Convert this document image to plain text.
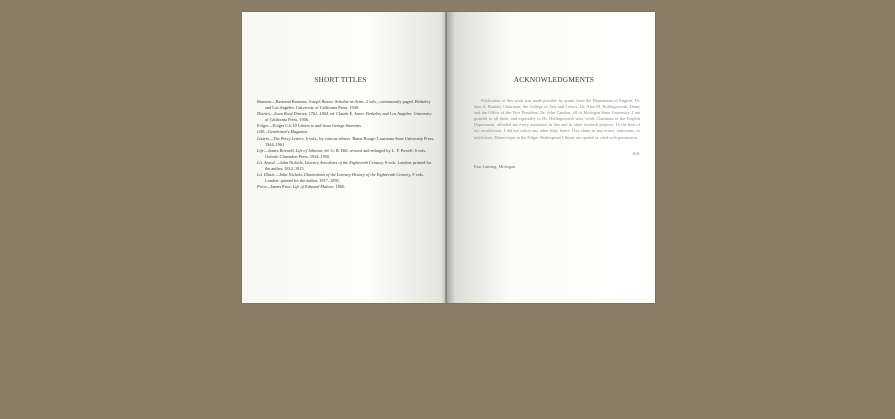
SHORT TITLES
Bronson—Bertrand Bronson, Joseph Ritson: Scholar-at-Arms. 2 vols., continuously paged. Berkeley and Los Angeles: University of California Press, 1938.
Diaries—Iowa Reed Diaries, 1762–1804, ed. Claude E. Jones. Berkeley and Los Angeles: University of California Press, 1946.
Folger—Folger C.b.10 Letters to and from George Steevens.
GM—Gentleman's Magazine.
Letters—The Percy Letters, 6 vols., by various editors. Baton Rouge: Louisiana State University Press, 1944–1961.
Life—James Boswell, Life of Johnson, ed. G. B. Hill, revised and enlarged by L. F. Powell. 6 vols. Oxford: Clarendon Press, 1934–1950.
Lit. Anecd.—John Nichols, Literary Anecdotes of the Eighteenth Century, 9 vols. London: printed for the author, 1812–1815.
Lit. Illustr.—John Nichols, Illustrations of the Literary History of the Eighteenth Century, 8 vols. London: printed for the author, 1817–1858.
Prior—James Prior, Life of Edmond Malone, 1860.
ACKNOWLEDGMENTS

Publication of this work was made possible by grants from the Department of English, Dr. Sam S. Baskett, Chairman; the College of Arts and Letters, Dr. Alan M. Hollingsworth, Dean; and the Office of the Vice President, Dr. John Cantlon, all of Michigan State University. I am grateful to all three, and especially to Dr. Hollingsworth who, while Chairman of the English Department, afforded me every assistance in this and in other research projects. To the best of my recollection, I did not solicit any other help; hence I lay claim to any errors, omissions, or infelicities. Manuscripts in the Folger Shakespeare Library are quoted or cited with permission.

A.S.
East Lansing, Michigan
